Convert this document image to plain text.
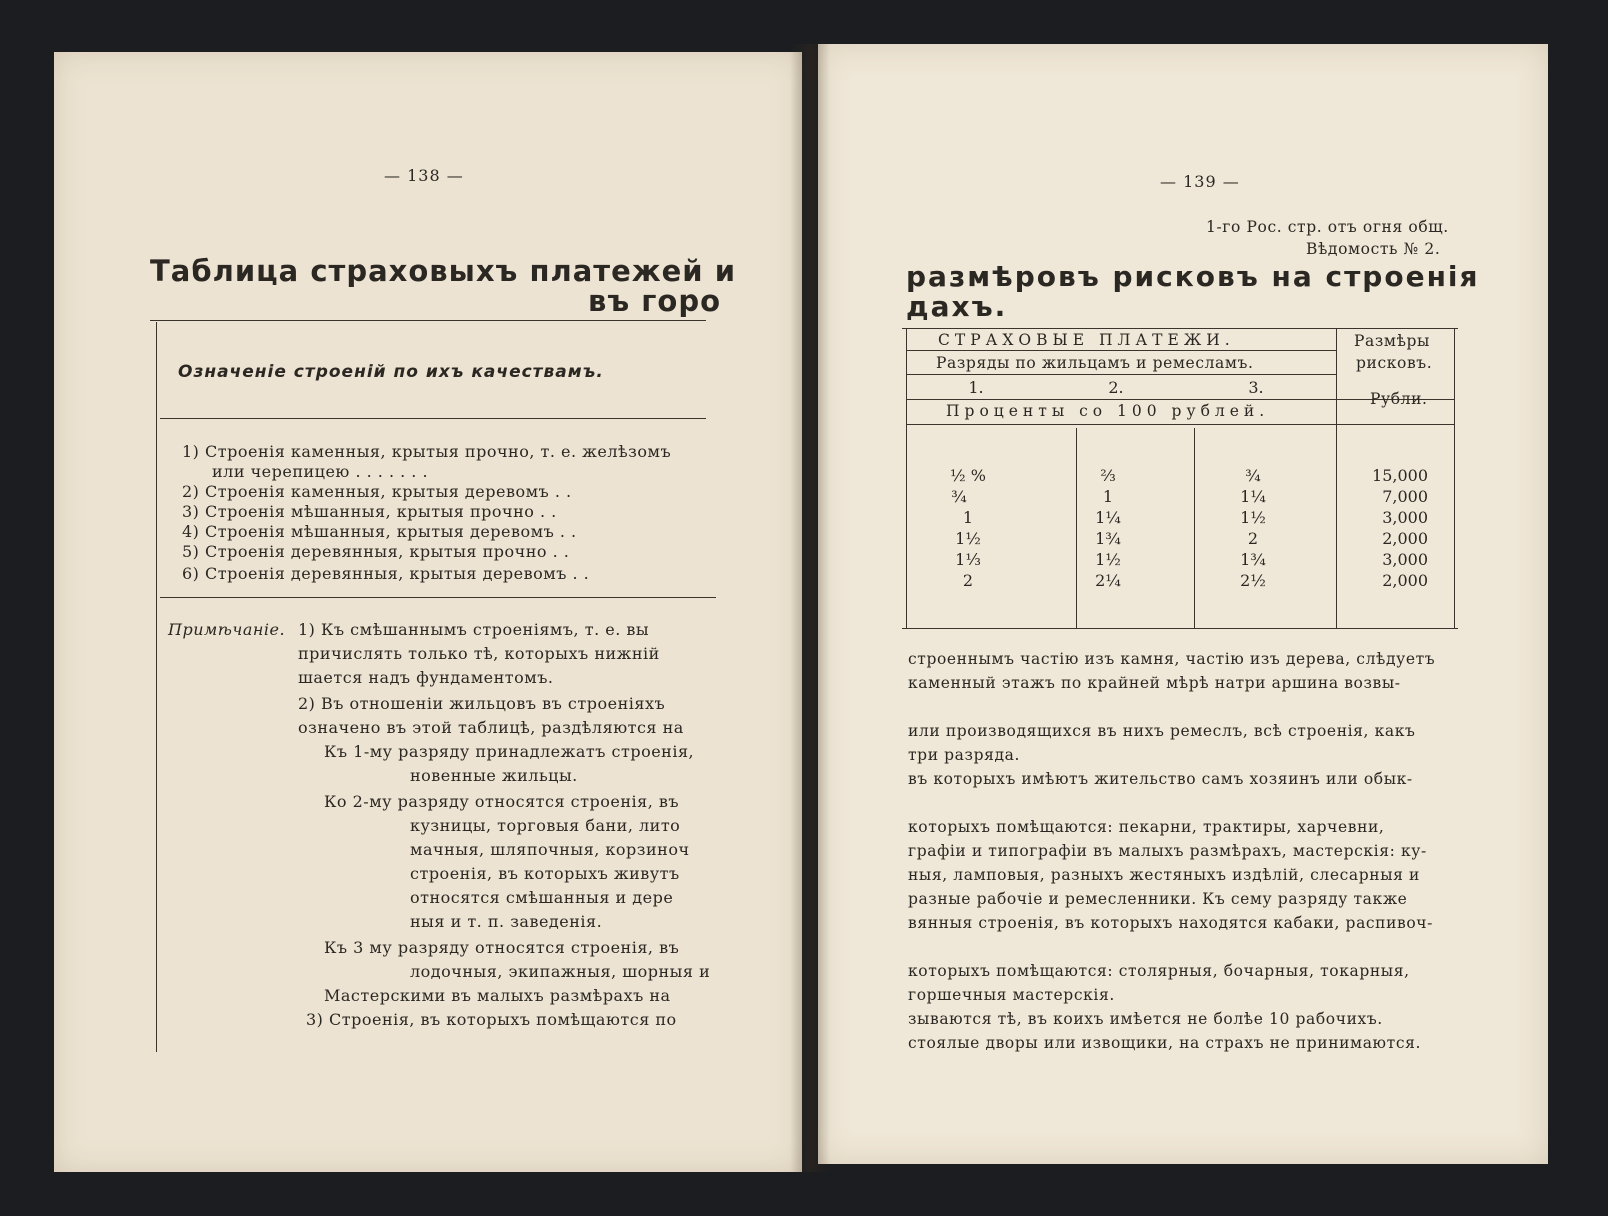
— 138 —
Таблица страховыхъ платежей и
въ горо
Означеніе строеній по ихъ качествамъ.
1) Строенія каменныя, крытыя прочно, т. е. желѣзомъ
или черепицею . . . . . . .
2) Строенія каменныя, крытыя деревомъ . .
3) Строенія мѣшанныя, крытыя прочно . .
4) Строенія мѣшанныя, крытыя деревомъ . .
5) Строенія деревянныя, крытыя прочно . .
6) Строенія деревянныя, крытыя деревомъ . .
Примѣчаніе. 1) Къ смѣшаннымъ строеніямъ, т. е. вы
причислять только тѣ, которыхъ нижній
шается надъ фундаментомъ.
2) Въ отношеніи жильцовъ въ строеніяхъ
означено въ этой таблицѣ, раздѣляются на
Къ 1-му разряду принадлежатъ строенія,
новенные жильцы.
Ко 2-му разряду относятся строенія, въ
кузницы, торговыя бани, лито
мачныя, шляпочныя, корзиноч
строенія, въ которыхъ живутъ
относятся смѣшанныя и дере
ныя и т. п. заведенія.
Къ 3 му разряду относятся строенія, въ
лодочныя, экипажныя, шорныя и
Мастерскими въ малыхъ размѣрахъ на
3) Строенія, въ которыхъ помѣщаются по
— 139 —
1-го Рос. стр. отъ огня общ.
Вѣдомость № 2.
размѣровъ рисковъ на строенія
дахъ.
СТРАХОВЫЕ ПЛАТЕЖИ.
Разряды по жильцамъ и ремесламъ.
1.	2.	3.
Проценты со 100 рублей.
Размѣры
рисковъ.
Рубли.
½ %	⅔	¾	15,000
¾	1	1¼	7,000
1	1¼	1½	3,000
1½	1¾	2	2,000
1⅓	1½	1¾	3,000
2	2¼	2½	2,000
строеннымъ частію изъ камня, частію изъ дерева, слѣдуетъ
каменный этажъ по крайней мѣрѣ натри аршина возвы-
или производящихся въ нихъ ремеслъ, всѣ строенія, какъ
три разряда.
въ которыхъ имѣютъ жительство самъ хозяинъ или обык-
которыхъ помѣщаются: пекарни, трактиры, харчевни,
графіи и типографіи въ малыхъ размѣрахъ, мастерскія: ку-
ныя, ламповыя, разныхъ жестяныхъ издѣлій, слесарныя и
разные рабочіе и ремесленники. Къ сему разряду также
вянныя строенія, въ которыхъ находятся кабаки, распивоч-
которыхъ помѣщаются: столярныя, бочарныя, токарныя,
горшечныя мастерскія.
зываются тѣ, въ коихъ имѣется не болѣе 10 рабочихъ.
стоялые дворы или извощики, на страхъ не принимаются.
